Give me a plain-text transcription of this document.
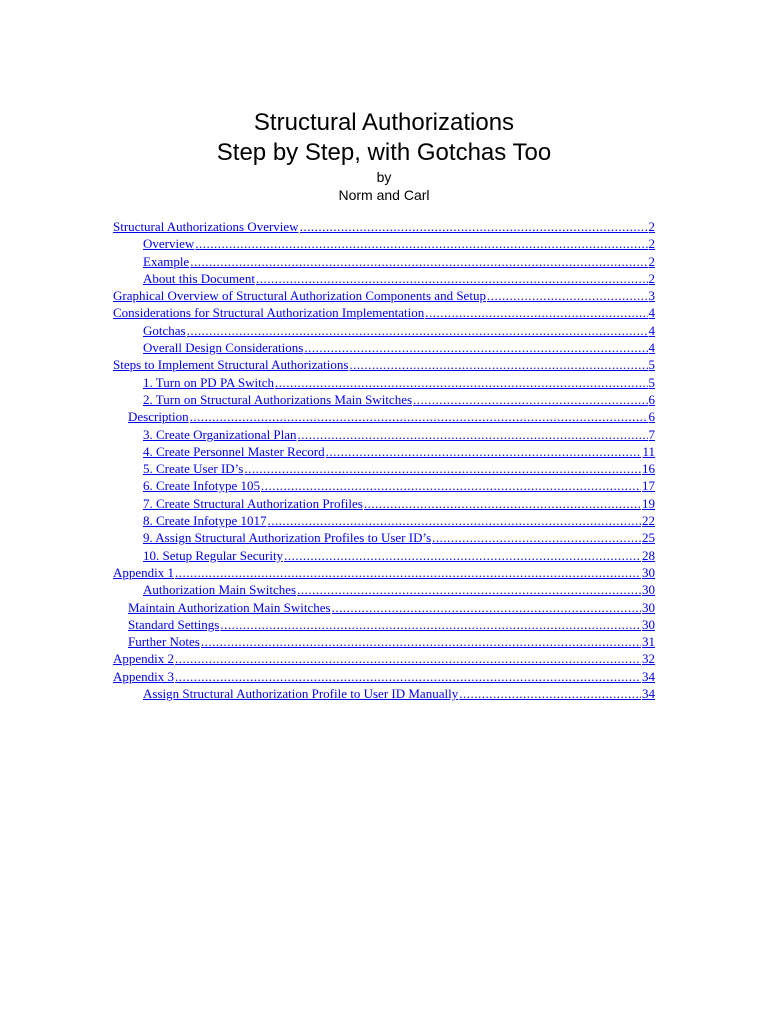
Structural Authorizations
Step by Step, with Gotchas Too
by
Norm and Carl
Structural Authorizations Overview .....	2
Overview .....	2
Example .....	2
About this Document .....	2
Graphical Overview of Structural Authorization Components and Setup .....	3
Considerations for Structural Authorization Implementation .....	4
Gotchas .....	4
Overall Design Considerations .....	4
Steps to Implement Structural Authorizations .....	5
1. Turn on PD PA Switch .....	5
2. Turn on Structural Authorizations Main Switches .....	6
Description .....	6
3. Create Organizational Plan .....	7
4. Create Personnel Master Record .....	11
5. Create User ID’s .....	16
6. Create Infotype 105 .....	17
7. Create Structural Authorization Profiles .....	19
8. Create Infotype 1017 .....	22
9. Assign Structural Authorization Profiles to User ID’s .....	25
10. Setup Regular Security .....	28
Appendix 1 .....	30
Authorization Main Switches .....	30
Maintain Authorization Main Switches .....	30
Standard Settings .....	30
Further Notes .....	31
Appendix 2 .....	32
Appendix 3 .....	34
Assign Structural Authorization Profile to User ID Manually .....	34
